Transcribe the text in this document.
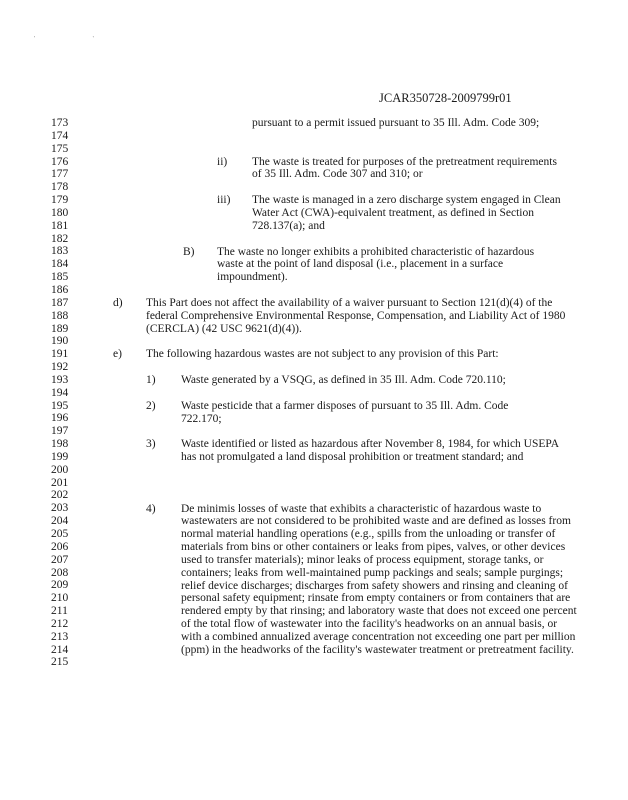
' '
JCAR350728-2009799r01
173
174
175
176
177
178
179
180
181
182
183
184
185
186
187
188
189
190
191
192
193
194
195
196
197
198
199
200
201
202
203
204
205
206
207
208
209
210
211
212
213
214
215
pursuant to a permit issued pursuant to 35 Ill. Adm. Code 309;
ii) The waste is treated for purposes of the pretreatment requirements of 35 Ill. Adm. Code 307 and 310; or
iii) The waste is managed in a zero discharge system engaged in Clean Water Act (CWA)-equivalent treatment, as defined in Section 728.137(a); and
B) The waste no longer exhibits a prohibited characteristic of hazardous waste at the point of land disposal (i.e., placement in a surface impoundment).
d) This Part does not affect the availability of a waiver pursuant to Section 121(d)(4) of the federal Comprehensive Environmental Response, Compensation, and Liability Act of 1980 (CERCLA) (42 USC 9621(d)(4)).
e) The following hazardous wastes are not subject to any provision of this Part:
1) Waste generated by a VSQG, as defined in 35 Ill. Adm. Code 720.110;
2) Waste pesticide that a farmer disposes of pursuant to 35 Ill. Adm. Code 722.170;
3) Waste identified or listed as hazardous after November 8, 1984, for which USEPA has not promulgated a land disposal prohibition or treatment standard; and
4) De minimis losses of waste that exhibits a characteristic of hazardous waste to wastewaters are not considered to be prohibited waste and are defined as losses from normal material handling operations (e.g., spills from the unloading or transfer of materials from bins or other containers or leaks from pipes, valves, or other devices used to transfer materials); minor leaks of process equipment, storage tanks, or containers; leaks from well-maintained pump packings and seals; sample purgings; relief device discharges; discharges from safety showers and rinsing and cleaning of personal safety equipment; rinsate from empty containers or from containers that are rendered empty by that rinsing; and laboratory waste that does not exceed one percent of the total flow of wastewater into the facility's headworks on an annual basis, or with a combined annualized average concentration not exceeding one part per million (ppm) in the headworks of the facility's wastewater treatment or pretreatment facility.
